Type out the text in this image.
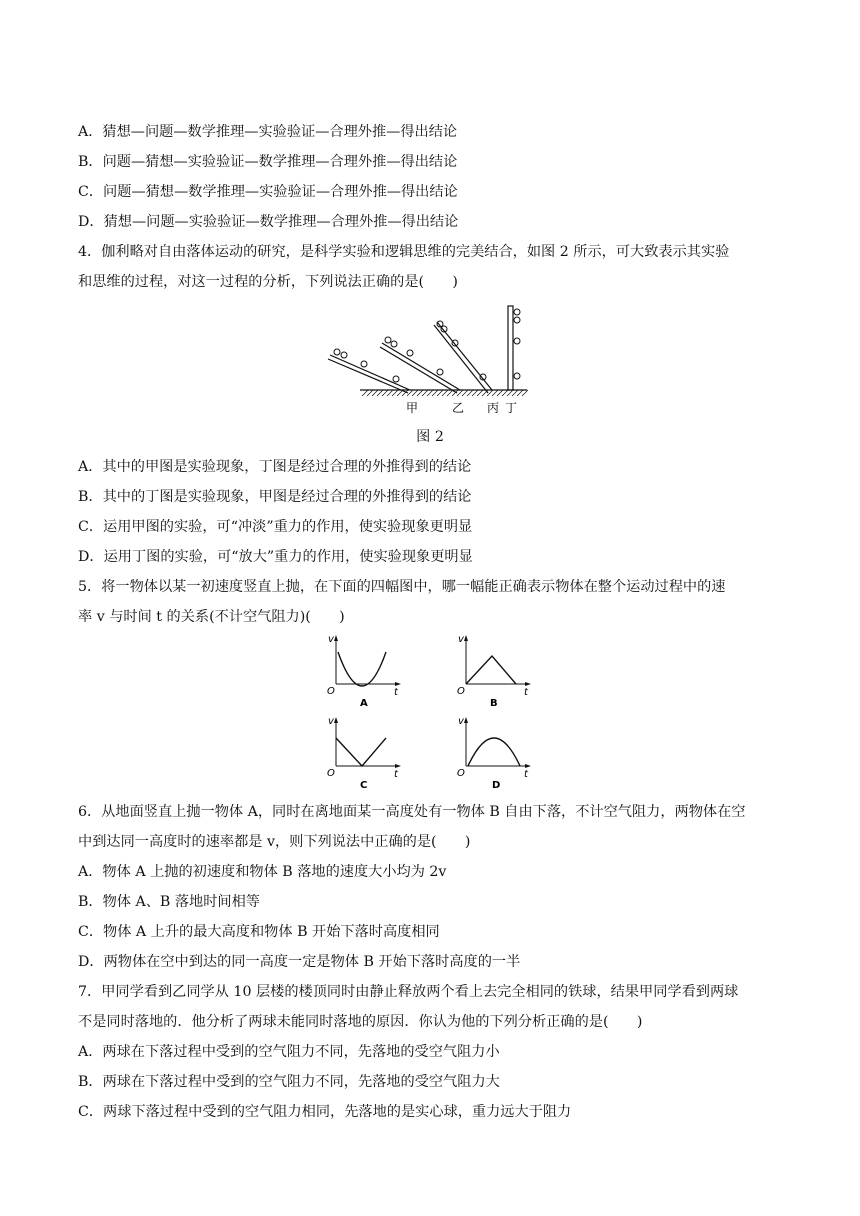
A．猜想—问题—数学推理—实验验证—合理外推—得出结论
B．问题—猜想—实验验证—数学推理—合理外推—得出结论
C．问题—猜想—数学推理—实验验证—合理外推—得出结论
D．猜想—问题—实验验证—数学推理—合理外推—得出结论
4．伽利略对自由落体运动的研究，是科学实验和逻辑思维的完美结合，如图 2 所示，可大致表示其实验
和思维的过程，对这一过程的分析，下列说法正确的是(　　)
甲	乙 丙 丁
图 2
A．其中的甲图是实验现象，丁图是经过合理的外推得到的结论
B．其中的丁图是实验现象，甲图是经过合理的外推得到的结论
C．运用甲图的实验，可“冲淡”重力的作用，使实验现象更明显
D．运用丁图的实验，可“放大”重力的作用，使实验现象更明显
5．将一物体以某一初速度竖直上抛，在下面的四幅图中，哪一幅能正确表示物体在整个运动过程中的速
率 v 与时间 t 的关系(不计空气阻力)(　　)
v
t
O
A
v
t
O
B
v
t
O
C
v
t
O
D
6．从地面竖直上抛一物体 A，同时在离地面某一高度处有一物体 B 自由下落，不计空气阻力，两物体在空
中到达同一高度时的速率都是 v，则下列说法中正确的是(　　)
A．物体 A 上抛的初速度和物体 B 落地的速度大小均为 2v
B．物体 A、B 落地时间相等
C．物体 A 上升的最大高度和物体 B 开始下落时高度相同
D．两物体在空中到达的同一高度一定是物体 B 开始下落时高度的一半
7．甲同学看到乙同学从 10 层楼的楼顶同时由静止释放两个看上去完全相同的铁球，结果甲同学看到两球
不是同时落地的．他分析了两球未能同时落地的原因．你认为他的下列分析正确的是(　　)
A．两球在下落过程中受到的空气阻力不同，先落地的受空气阻力小
B．两球在下落过程中受到的空气阻力不同，先落地的受空气阻力大
C．两球下落过程中受到的空气阻力相同，先落地的是实心球，重力远大于阻力
